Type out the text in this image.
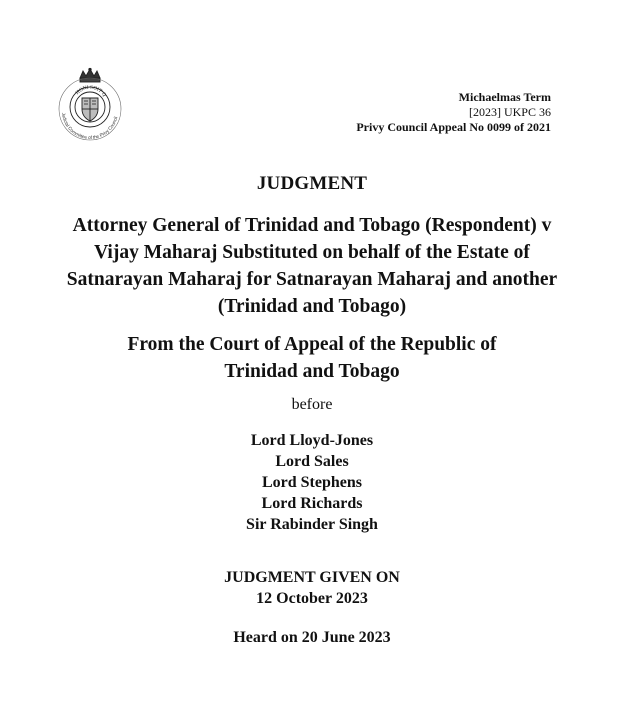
HONI SOIT Q
Judicial Committee of the Privy Council
Michaelmas Term
[2023] UKPC 36
Privy Council Appeal No 0099 of 2021
JUDGMENT
Attorney General of Trinidad and Tobago (Respondent) v Vijay Maharaj Substituted on behalf of the Estate of Satnarayan Maharaj for Satnarayan Maharaj and another (Trinidad and Tobago)
From the Court of Appeal of the Republic of Trinidad and Tobago
before
Lord Lloyd-Jones
Lord Sales
Lord Stephens
Lord Richards
Sir Rabinder Singh
JUDGMENT GIVEN ON
12 October 2023
Heard on 20 June 2023
